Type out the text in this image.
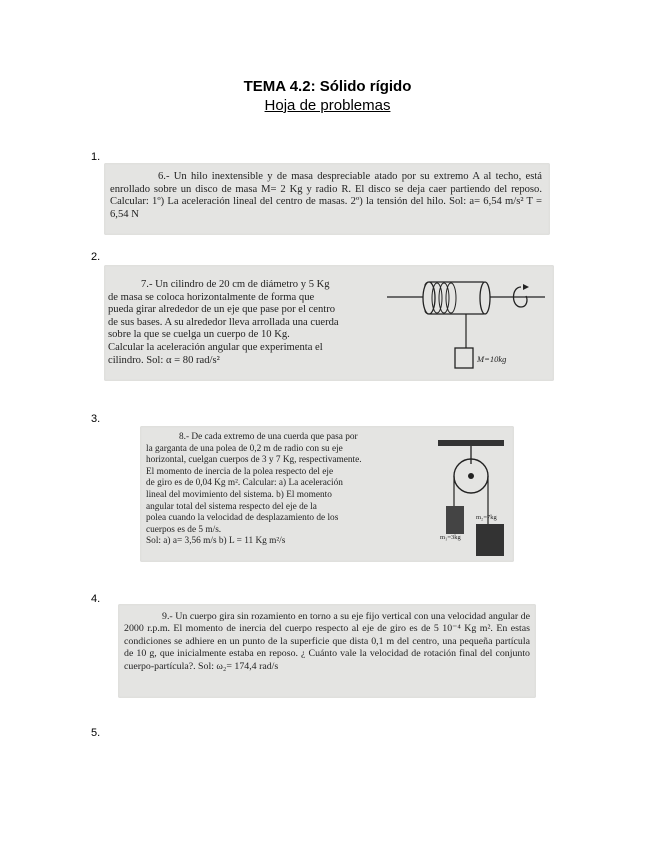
TEMA 4.2: Sólido rígido
Hoja de problemas
1.
6.- Un hilo inextensible y de masa despreciable atado por su extremo A al techo, está enrollado sobre un disco de masa M= 2 Kg y radio R. El disco se deja caer partiendo del reposo. Calcular: 1º) La aceleración lineal del centro de masas. 2º) la tensión del hilo. Sol: a= 6,54 m/s² T = 6,54 N
2.
7.- Un cilindro de 20 cm de diámetro y 5 Kg
de masa se coloca horizontalmente de forma que
pueda girar alrededor de un eje que pase por el centro
de sus bases. A su alrededor lleva arrollada una cuerda
sobre la que se cuelga un cuerpo de 10 Kg.
Calcular la aceleración angular que experimenta el
cilindro. Sol: α = 80 rad/s²	M=10kg
3.
8.- De cada extremo de una cuerda que pasa por
la garganta de una polea de 0,2 m de radio con su eje
horizontal, cuelgan cuerpos de 3 y 7 Kg, respectivamente.
El momento de inercia de la polea respecto del eje
de giro es de 0,04 Kg m². Calcular: a) La aceleración
lineal del movimiento del sistema. b) El momento
angular total del sistema respecto del eje de la
polea cuando la velocidad de desplazamiento de los
cuerpos es de 5 m/s.
Sol: a) a= 3,56 m/s b) L = 11 Kg m²/s	m₁=3kg
m₂=7kg
4.
9.- Un cuerpo gira sin rozamiento en torno a su eje fijo vertical con una velocidad angular de 2000 r.p.m. El momento de inercia del cuerpo respecto al eje de giro es de 5 10⁻⁴ Kg m². En estas condiciones se adhiere en un punto de la superficie que dista 0,1 m del centro, una pequeña partícula de 10 g, que inicialmente estaba en reposo. ¿ Cuánto vale la velocidad de rotación final del conjunto cuerpo-partícula?. Sol: ω₂= 174,4 rad/s
5.
